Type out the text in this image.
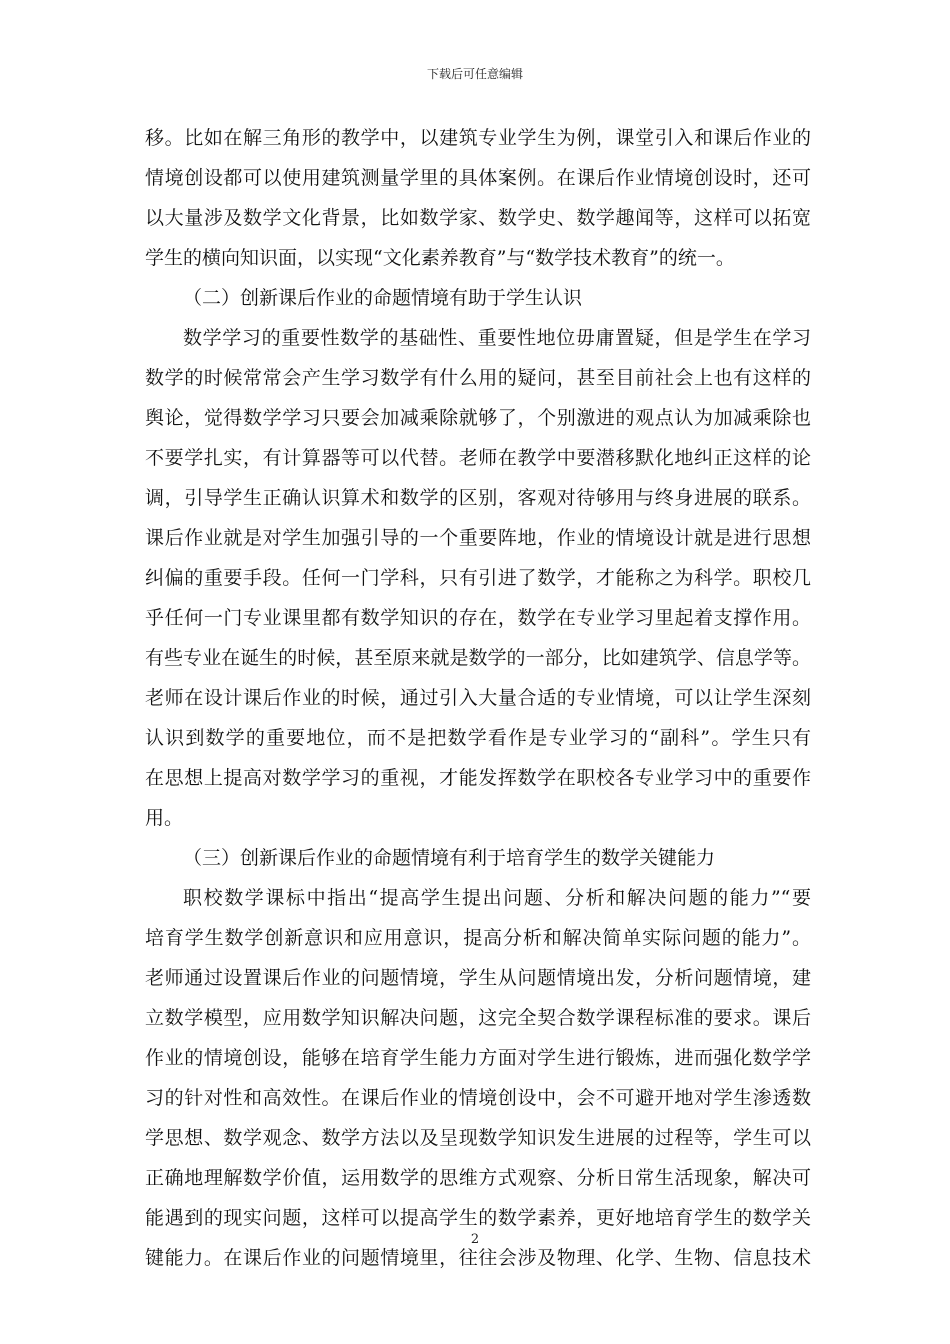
下载后可任意编辑
移。比如在解三角形的教学中，以建筑专业学生为例，课堂引入和课后作业的
情境创设都可以使用建筑测量学里的具体案例。在课后作业情境创设时，还可
以大量涉及数学文化背景，比如数学家、数学史、数学趣闻等，这样可以拓宽
学生的横向知识面，以实现“文化素养教育”与“数学技术教育”的统一。
（二）创新课后作业的命题情境有助于学生认识
数学学习的重要性数学的基础性、重要性地位毋庸置疑，但是学生在学习
数学的时候常常会产生学习数学有什么用的疑问，甚至目前社会上也有这样的
舆论，觉得数学学习只要会加减乘除就够了，个别激进的观点认为加减乘除也
不要学扎实，有计算器等可以代替。老师在教学中要潜移默化地纠正这样的论
调，引导学生正确认识算术和数学的区别，客观对待够用与终身进展的联系。
课后作业就是对学生加强引导的一个重要阵地，作业的情境设计就是进行思想
纠偏的重要手段。任何一门学科，只有引进了数学，才能称之为科学。职校几
乎任何一门专业课里都有数学知识的存在，数学在专业学习里起着支撑作用。
有些专业在诞生的时候，甚至原来就是数学的一部分，比如建筑学、信息学等。
老师在设计课后作业的时候，通过引入大量合适的专业情境，可以让学生深刻
认识到数学的重要地位，而不是把数学看作是专业学习的“副科”。学生只有
在思想上提高对数学学习的重视，才能发挥数学在职校各专业学习中的重要作
用。
（三）创新课后作业的命题情境有利于培育学生的数学关键能力
职校数学课标中指出“提高学生提出问题、分析和解决问题的能力”“要
培育学生数学创新意识和应用意识，提高分析和解决简单实际问题的能力”。
老师通过设置课后作业的问题情境，学生从问题情境出发，分析问题情境，建
立数学模型，应用数学知识解决问题，这完全契合数学课程标准的要求。课后
作业的情境创设，能够在培育学生能力方面对学生进行锻炼，进而强化数学学
习的针对性和高效性。在课后作业的情境创设中，会不可避开地对学生渗透数
学思想、数学观念、数学方法以及呈现数学知识发生进展的过程等，学生可以
正确地理解数学价值，运用数学的思维方式观察、分析日常生活现象，解决可
能遇到的现实问题，这样可以提高学生的数学素养，更好地培育学生的数学关
键能力。在课后作业的问题情境里，往往会涉及物理、化学、生物、信息技术
2
